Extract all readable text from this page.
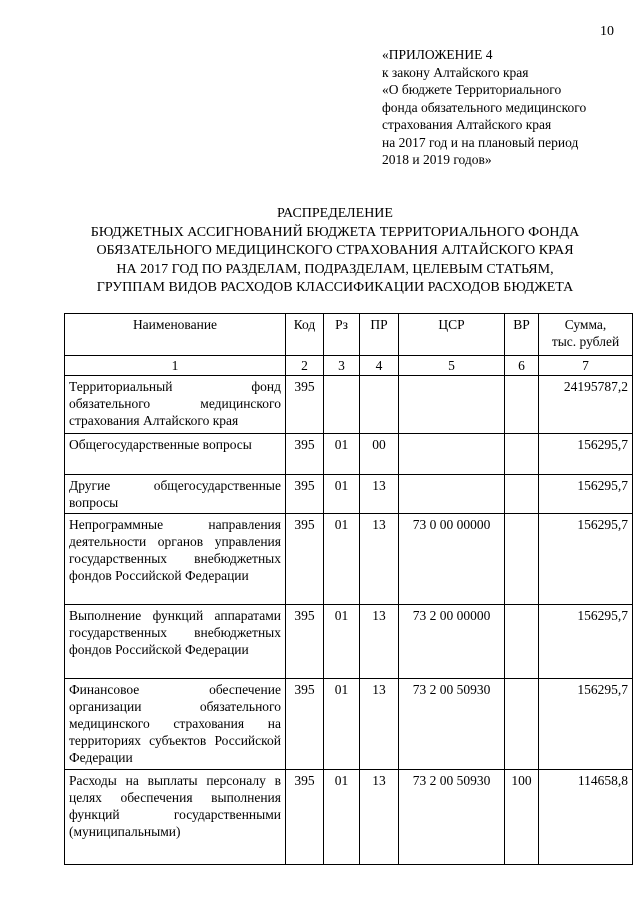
10
«ПРИЛОЖЕНИЕ 4
к закону Алтайского края
«О бюджете Территориального
фонда обязательного медицинского
страхования Алтайского края
на 2017 год и на плановый период
2018 и 2019 годов»
РАСПРЕДЕЛЕНИЕ
БЮДЖЕТНЫХ АССИГНОВАНИЙ БЮДЖЕТА ТЕРРИТОРИАЛЬНОГО ФОНДА
ОБЯЗАТЕЛЬНОГО МЕДИЦИНСКОГО СТРАХОВАНИЯ АЛТАЙСКОГО КРАЯ
НА 2017 ГОД ПО РАЗДЕЛАМ, ПОДРАЗДЕЛАМ, ЦЕЛЕВЫМ СТАТЬЯМ,
ГРУППАМ ВИДОВ РАСХОДОВ КЛАССИФИКАЦИИ РАСХОДОВ БЮДЖЕТА
Наименование	Код	Рз	ПР	ЦСР	ВР	Сумма,
тыс. рублей

1	2	3	4	5	6	7
Территориальный фонд обязательного медицинского страхования Алтайского края	395					24195787,2
Общегосударственные вопросы	395	01	00			156295,7
Другие общегосударственные вопросы	395	01	13			156295,7
Непрограммные направления деятельности органов управления государственных внебюджетных фондов Российской Федерации	395	01	13	73 0 00 00000		156295,7
Выполнение функций аппаратами государственных внебюджетных фондов Российской Федерации	395	01	13	73 2 00 00000		156295,7
Финансовое обеспечение организации обязательного медицинского страхования на территориях субъектов Российской Федерации	395	01	13	73 2 00 50930		156295,7
Расходы на выплаты персоналу в целях обеспечения выполнения функций государственными (муниципальными)	395	01	13	73 2 00 50930	100	114658,8
